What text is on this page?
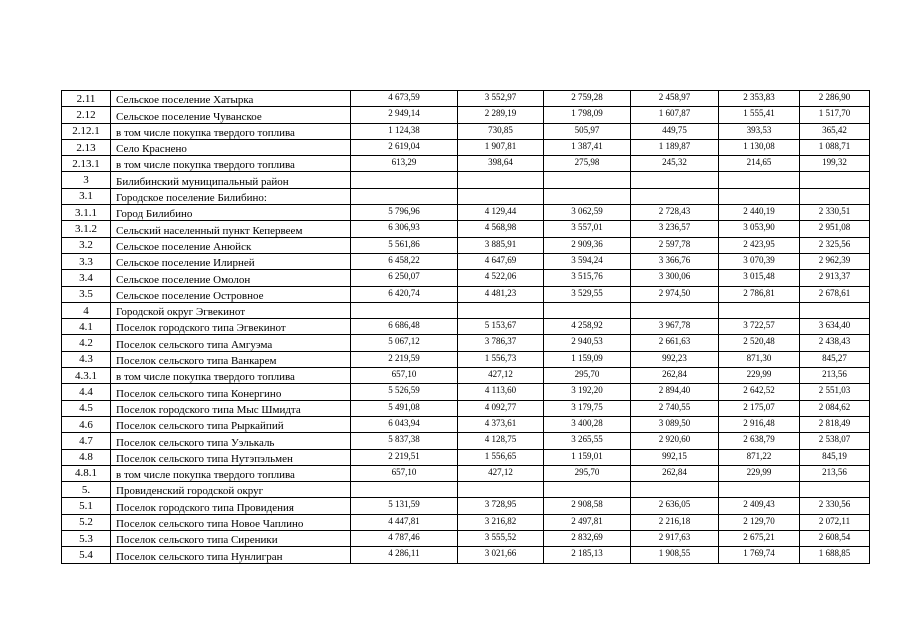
2.11	Сельское поселение Хатырка	4 673,59	3 552,97	2 759,28	2 458,97	2 353,83	2 286,90
2.12	Сельское поселение Чуванское	2 949,14	2 289,19	1 798,09	1 607,87	1 555,41	1 517,70
2.12.1	в том числе покупка твердого топлива	1 124,38	730,85	505,97	449,75	393,53	365,42
2.13	Село Краснено	2 619,04	1 907,81	1 387,41	1 189,87	1 130,08	1 088,71
2.13.1	в том числе покупка твердого топлива	613,29	398,64	275,98	245,32	214,65	199,32
3	Билибинский муниципальный район						
3.1	Городское поселение Билибино:						
3.1.1	Город Билибино	5 796,96	4 129,44	3 062,59	2 728,43	2 440,19	2 330,51
3.1.2	Сельский населенный пункт Кепервеем	6 306,93	4 568,98	3 557,01	3 236,57	3 053,90	2 951,08
3.2	Сельское поселение Анюйск	5 561,86	3 885,91	2 909,36	2 597,78	2 423,95	2 325,56
3.3	Сельское поселение Илирней	6 458,22	4 647,69	3 594,24	3 366,76	3 070,39	2 962,39
3.4	Сельское поселение Омолон	6 250,07	4 522,06	3 515,76	3 300,06	3 015,48	2 913,37
3.5	Сельское поселение Островное	6 420,74	4 481,23	3 529,55	2 974,50	2 786,81	2 678,61
4	Городской округ Эгвекинот						
4.1	Поселок городского типа Эгвекинот	6 686,48	5 153,67	4 258,92	3 967,78	3 722,57	3 634,40
4.2	Поселок сельского типа Амгуэма	5 067,12	3 786,37	2 940,53	2 661,63	2 520,48	2 438,43
4.3	Поселок сельского типа Ванкарем	2 219,59	1 556,73	1 159,09	992,23	871,30	845,27
4.3.1	в том числе покупка твердого топлива	657,10	427,12	295,70	262,84	229,99	213,56
4.4	Поселок сельского типа Конергино	5 526,59	4 113,60	3 192,20	2 894,40	2 642,52	2 551,03
4.5	Поселок городского типа Мыс Шмидта	5 491,08	4 092,77	3 179,75	2 740,55	2 175,07	2 084,62
4.6	Поселок сельского типа Рыркайпий	6 043,94	4 373,61	3 400,28	3 089,50	2 916,48	2 818,49
4.7	Поселок сельского типа Уэлькаль	5 837,38	4 128,75	3 265,55	2 920,60	2 638,79	2 538,07
4.8	Поселок сельского типа Нутэпэльмен	2 219,51	1 556,65	1 159,01	992,15	871,22	845,19
4.8.1	в том числе покупка твердого топлива	657,10	427,12	295,70	262,84	229,99	213,56
5.	Провиденский городской округ						
5.1	Поселок городского типа Провидения	5 131,59	3 728,95	2 908,58	2 636,05	2 409,43	2 330,56
5.2	Поселок сельского типа Новое Чаплино	4 447,81	3 216,82	2 497,81	2 216,18	2 129,70	2 072,11
5.3	Поселок сельского типа Сиреники	4 787,46	3 555,52	2 832,69	2 917,63	2 675,21	2 608,54
5.4	Поселок сельского типа Нунлигран	4 286,11	3 021,66	2 185,13	1 908,55	1 769,74	1 688,85
